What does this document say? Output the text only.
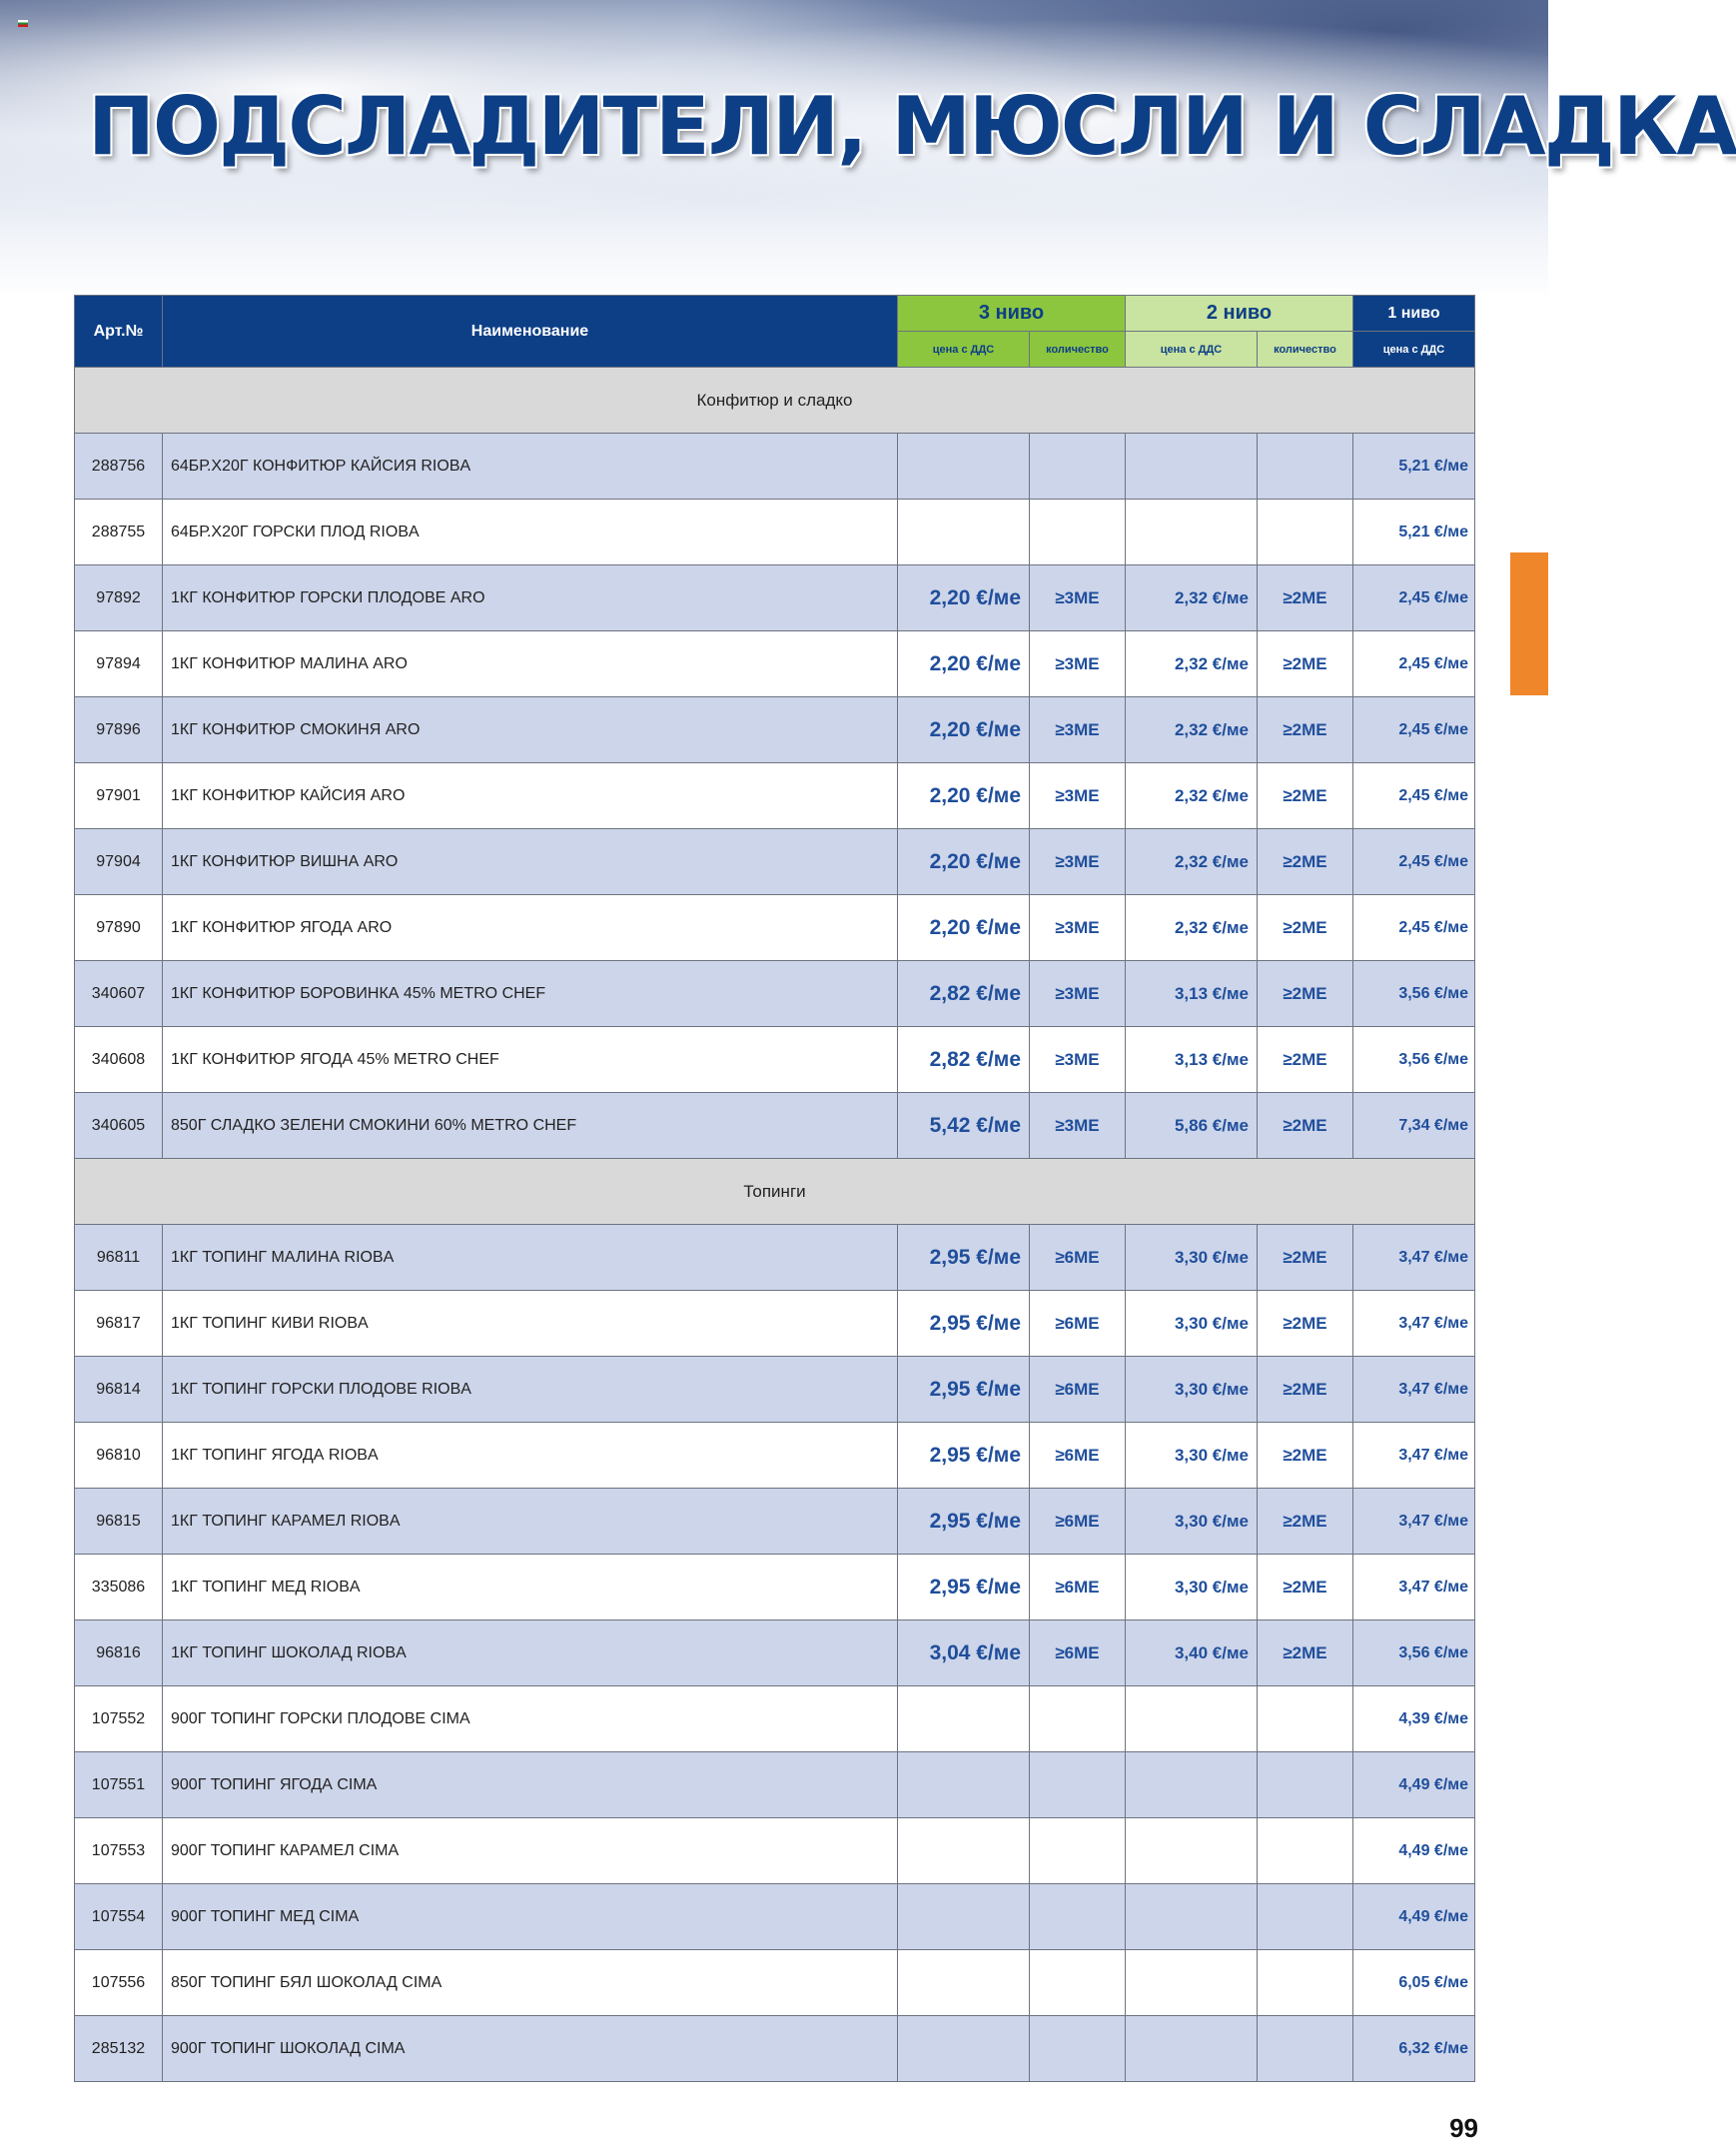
ПОДСЛАДИТЕЛИ, МЮСЛИ И СЛАДКА
Арт.№	Наименование	3 ниво		2 ниво		1 ниво
		цена с ДДС	количество	цена с ДДС	количество	цена с ДДС
Конфитюр и сладко						
288756	64БР.Х20Г КОНФИТЮР КАЙСИЯ RIOBA					5,21 €/ме
288755	64БР.Х20Г ГОРСКИ ПЛОД RIOBA					5,21 €/ме
97892	1КГ КОНФИТЮР ГОРСКИ ПЛОДОВЕ ARO	2,20 €/ме	≥3МЕ	2,32 €/ме	≥2МЕ	2,45 €/ме
97894	1КГ КОНФИТЮР МАЛИНА ARO	2,20 €/ме	≥3МЕ	2,32 €/ме	≥2МЕ	2,45 €/ме
97896	1КГ КОНФИТЮР СМОКИНЯ ARO	2,20 €/ме	≥3МЕ	2,32 €/ме	≥2МЕ	2,45 €/ме
97901	1КГ КОНФИТЮР КАЙСИЯ ARO	2,20 €/ме	≥3МЕ	2,32 €/ме	≥2МЕ	2,45 €/ме
97904	1КГ КОНФИТЮР ВИШНА ARO	2,20 €/ме	≥3МЕ	2,32 €/ме	≥2МЕ	2,45 €/ме
97890	1КГ КОНФИТЮР ЯГОДА ARO	2,20 €/ме	≥3МЕ	2,32 €/ме	≥2МЕ	2,45 €/ме
340607	1КГ КОНФИТЮР БОРОВИНКА 45% METRO CHEF	2,82 €/ме	≥3МЕ	3,13 €/ме	≥2МЕ	3,56 €/ме
340608	1КГ КОНФИТЮР ЯГОДА 45% METRO CHEF	2,82 €/ме	≥3МЕ	3,13 €/ме	≥2МЕ	3,56 €/ме
340605	850Г СЛАДКО ЗЕЛЕНИ СМОКИНИ 60% METRO CHEF	5,42 €/ме	≥3МЕ	5,86 €/ме	≥2МЕ	7,34 €/ме
Топинги						
96811	1КГ ТОПИНГ МАЛИНА RIOBA	2,95 €/ме	≥6МЕ	3,30 €/ме	≥2МЕ	3,47 €/ме
96817	1КГ ТОПИНГ КИВИ RIOBA	2,95 €/ме	≥6МЕ	3,30 €/ме	≥2МЕ	3,47 €/ме
96814	1КГ ТОПИНГ ГОРСКИ ПЛОДОВЕ RIOBA	2,95 €/ме	≥6МЕ	3,30 €/ме	≥2МЕ	3,47 €/ме
96810	1КГ ТОПИНГ ЯГОДА RIOBA	2,95 €/ме	≥6МЕ	3,30 €/ме	≥2МЕ	3,47 €/ме
96815	1КГ ТОПИНГ КАРАМЕЛ RIOBA	2,95 €/ме	≥6МЕ	3,30 €/ме	≥2МЕ	3,47 €/ме
335086	1КГ ТОПИНГ МЕД RIOBA	2,95 €/ме	≥6МЕ	3,30 €/ме	≥2МЕ	3,47 €/ме
96816	1КГ ТОПИНГ ШОКОЛАД RIOBA	3,04 €/ме	≥6МЕ	3,40 €/ме	≥2МЕ	3,56 €/ме
107552	900Г ТОПИНГ ГОРСКИ ПЛОДОВЕ CIMA					4,39 €/ме
107551	900Г ТОПИНГ ЯГОДА CIMA					4,49 €/ме
107553	900Г ТОПИНГ КАРАМЕЛ CIMA					4,49 €/ме
107554	900Г ТОПИНГ МЕД CIMA					4,49 €/ме
107556	850Г ТОПИНГ БЯЛ ШОКОЛАД CIMA					6,05 €/ме
285132	900Г ТОПИНГ ШОКОЛАД CIMA					6,32 €/ме
99
